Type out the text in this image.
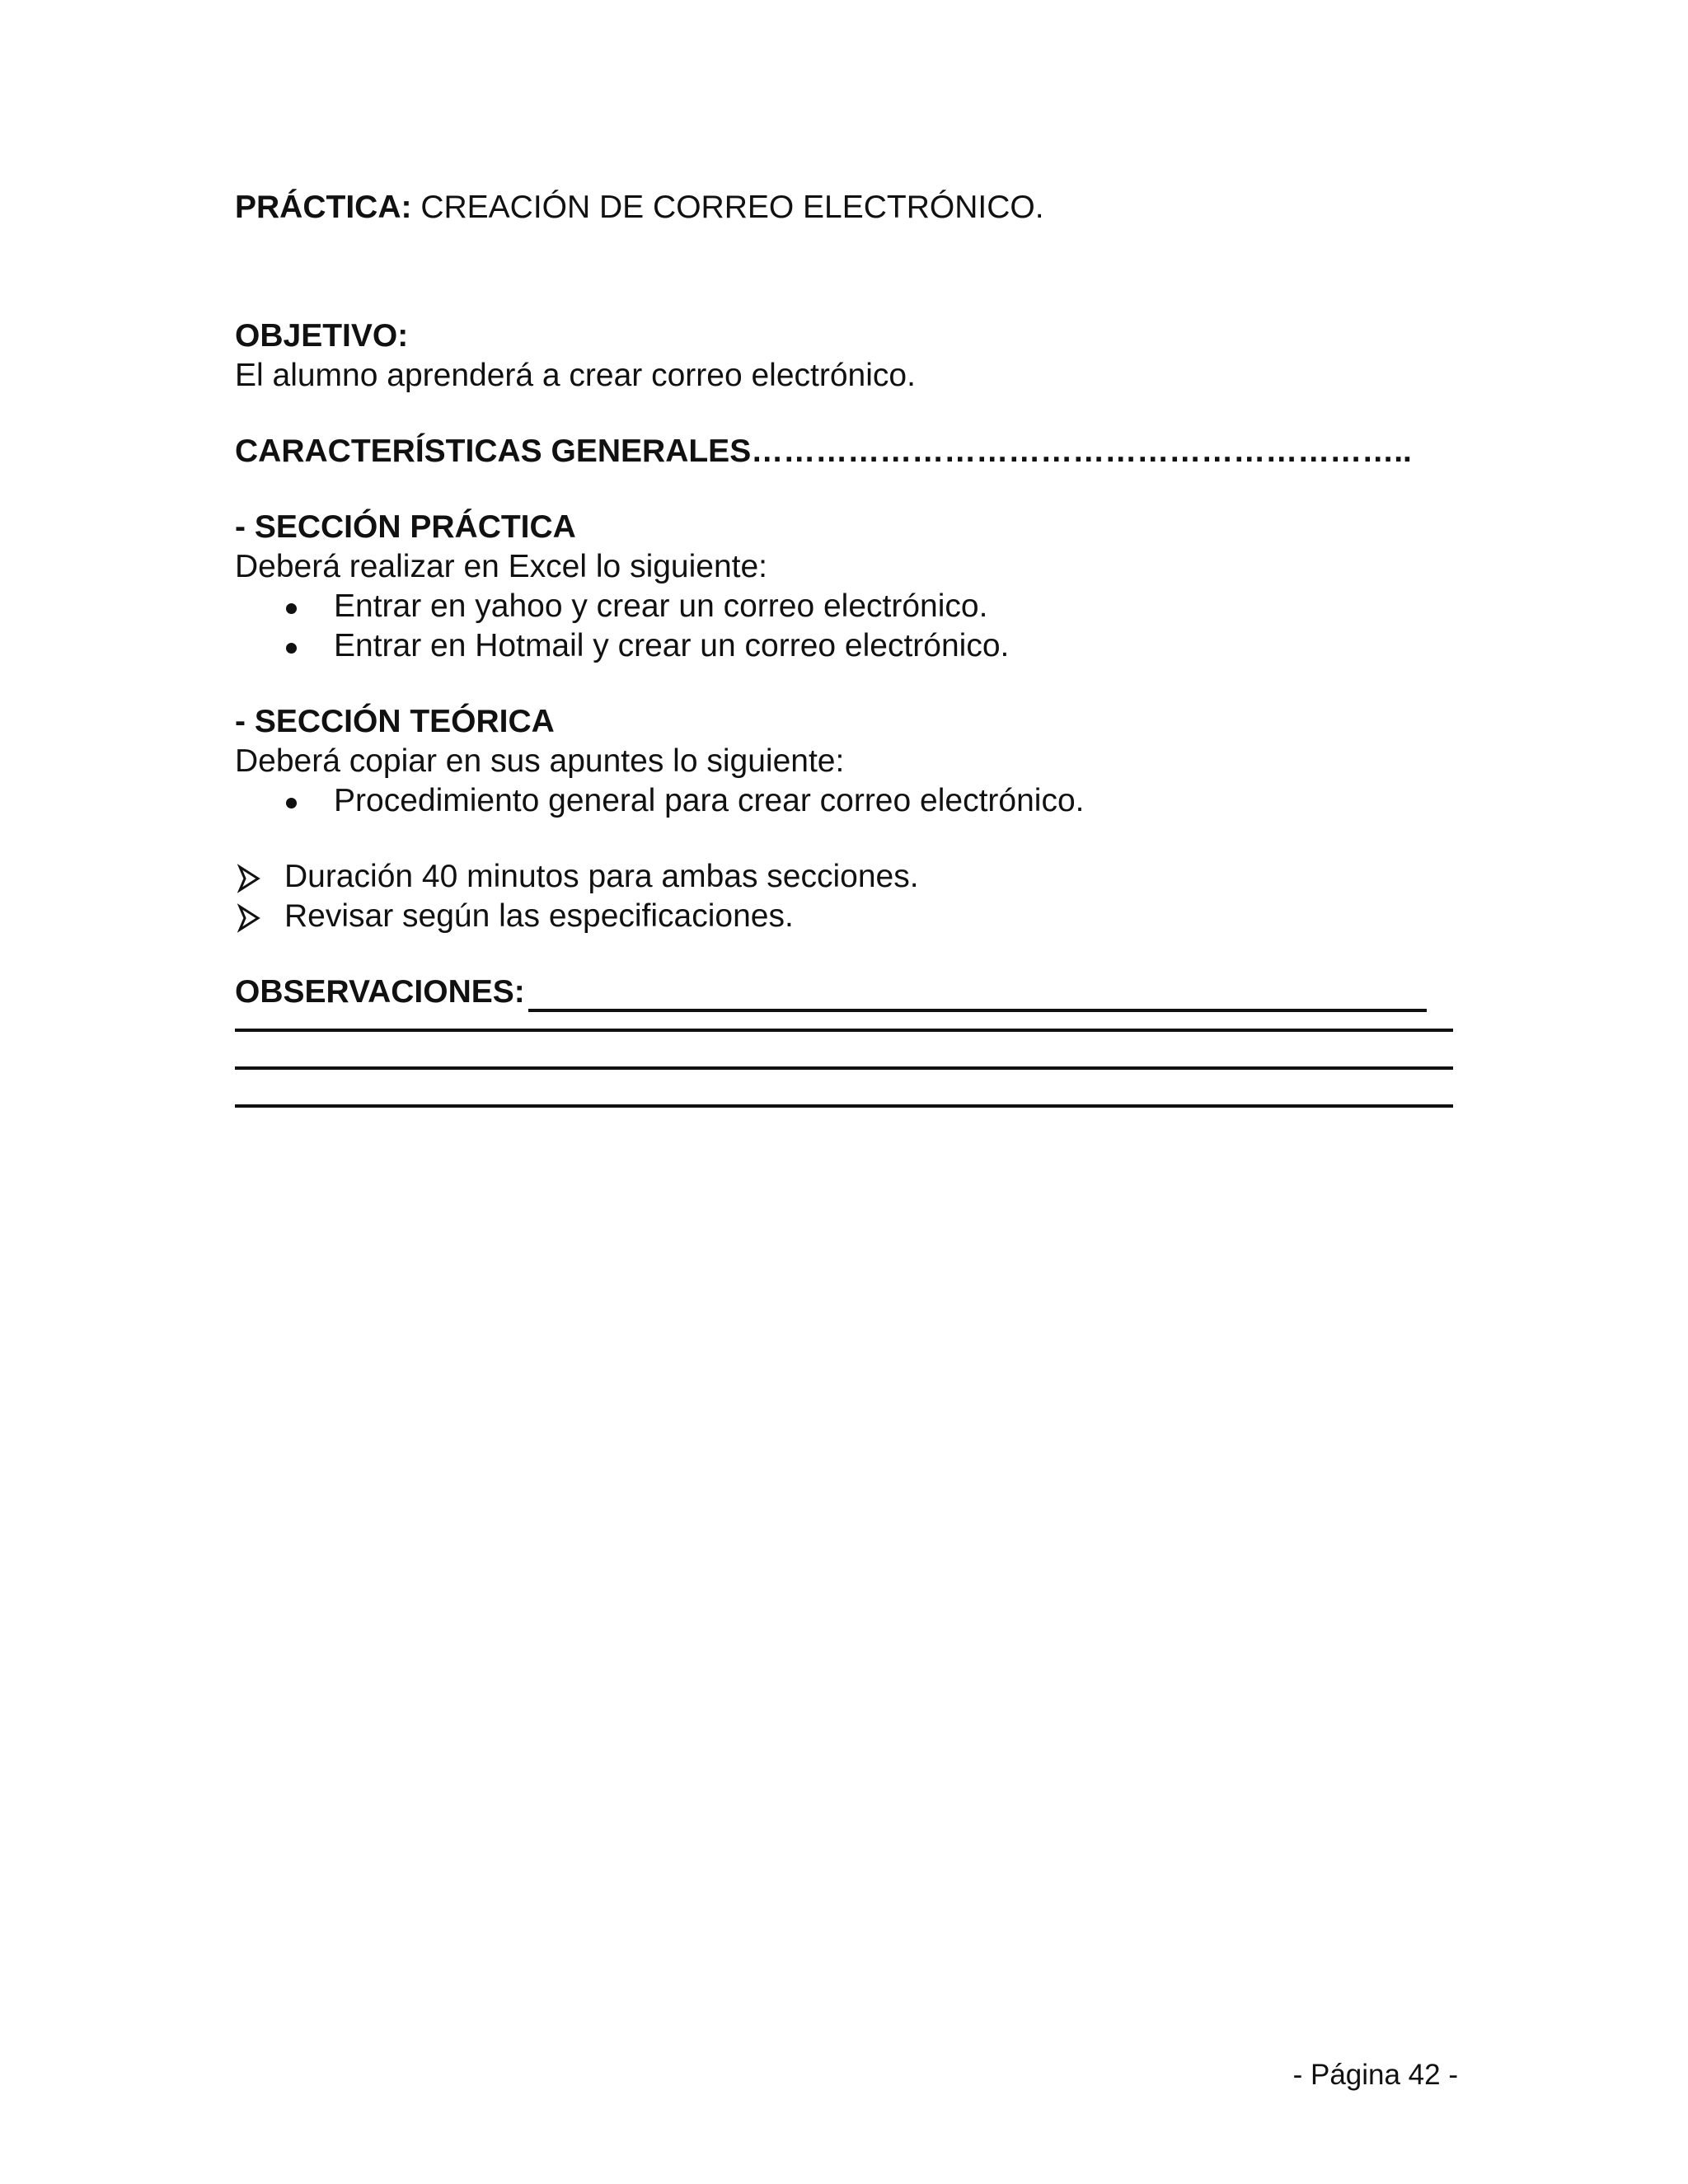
PRÁCTICA: CREACIÓN DE CORREO ELECTRÓNICO.
OBJETIVO:
El alumno aprenderá a crear correo electrónico.
CARACTERÍSTICAS GENERALES……………………………………………………..
- SECCIÓN PRÁCTICA
Deberá realizar en Excel lo siguiente:
Entrar en yahoo y crear un correo electrónico.
Entrar en Hotmail y crear un correo electrónico.
- SECCIÓN TEÓRICA
Deberá copiar en sus apuntes lo siguiente:
Procedimiento general para crear correo electrónico.
Duración 40 minutos para ambas secciones.
Revisar según las especificaciones.
OBSERVACIONES:
- Página 42 -
